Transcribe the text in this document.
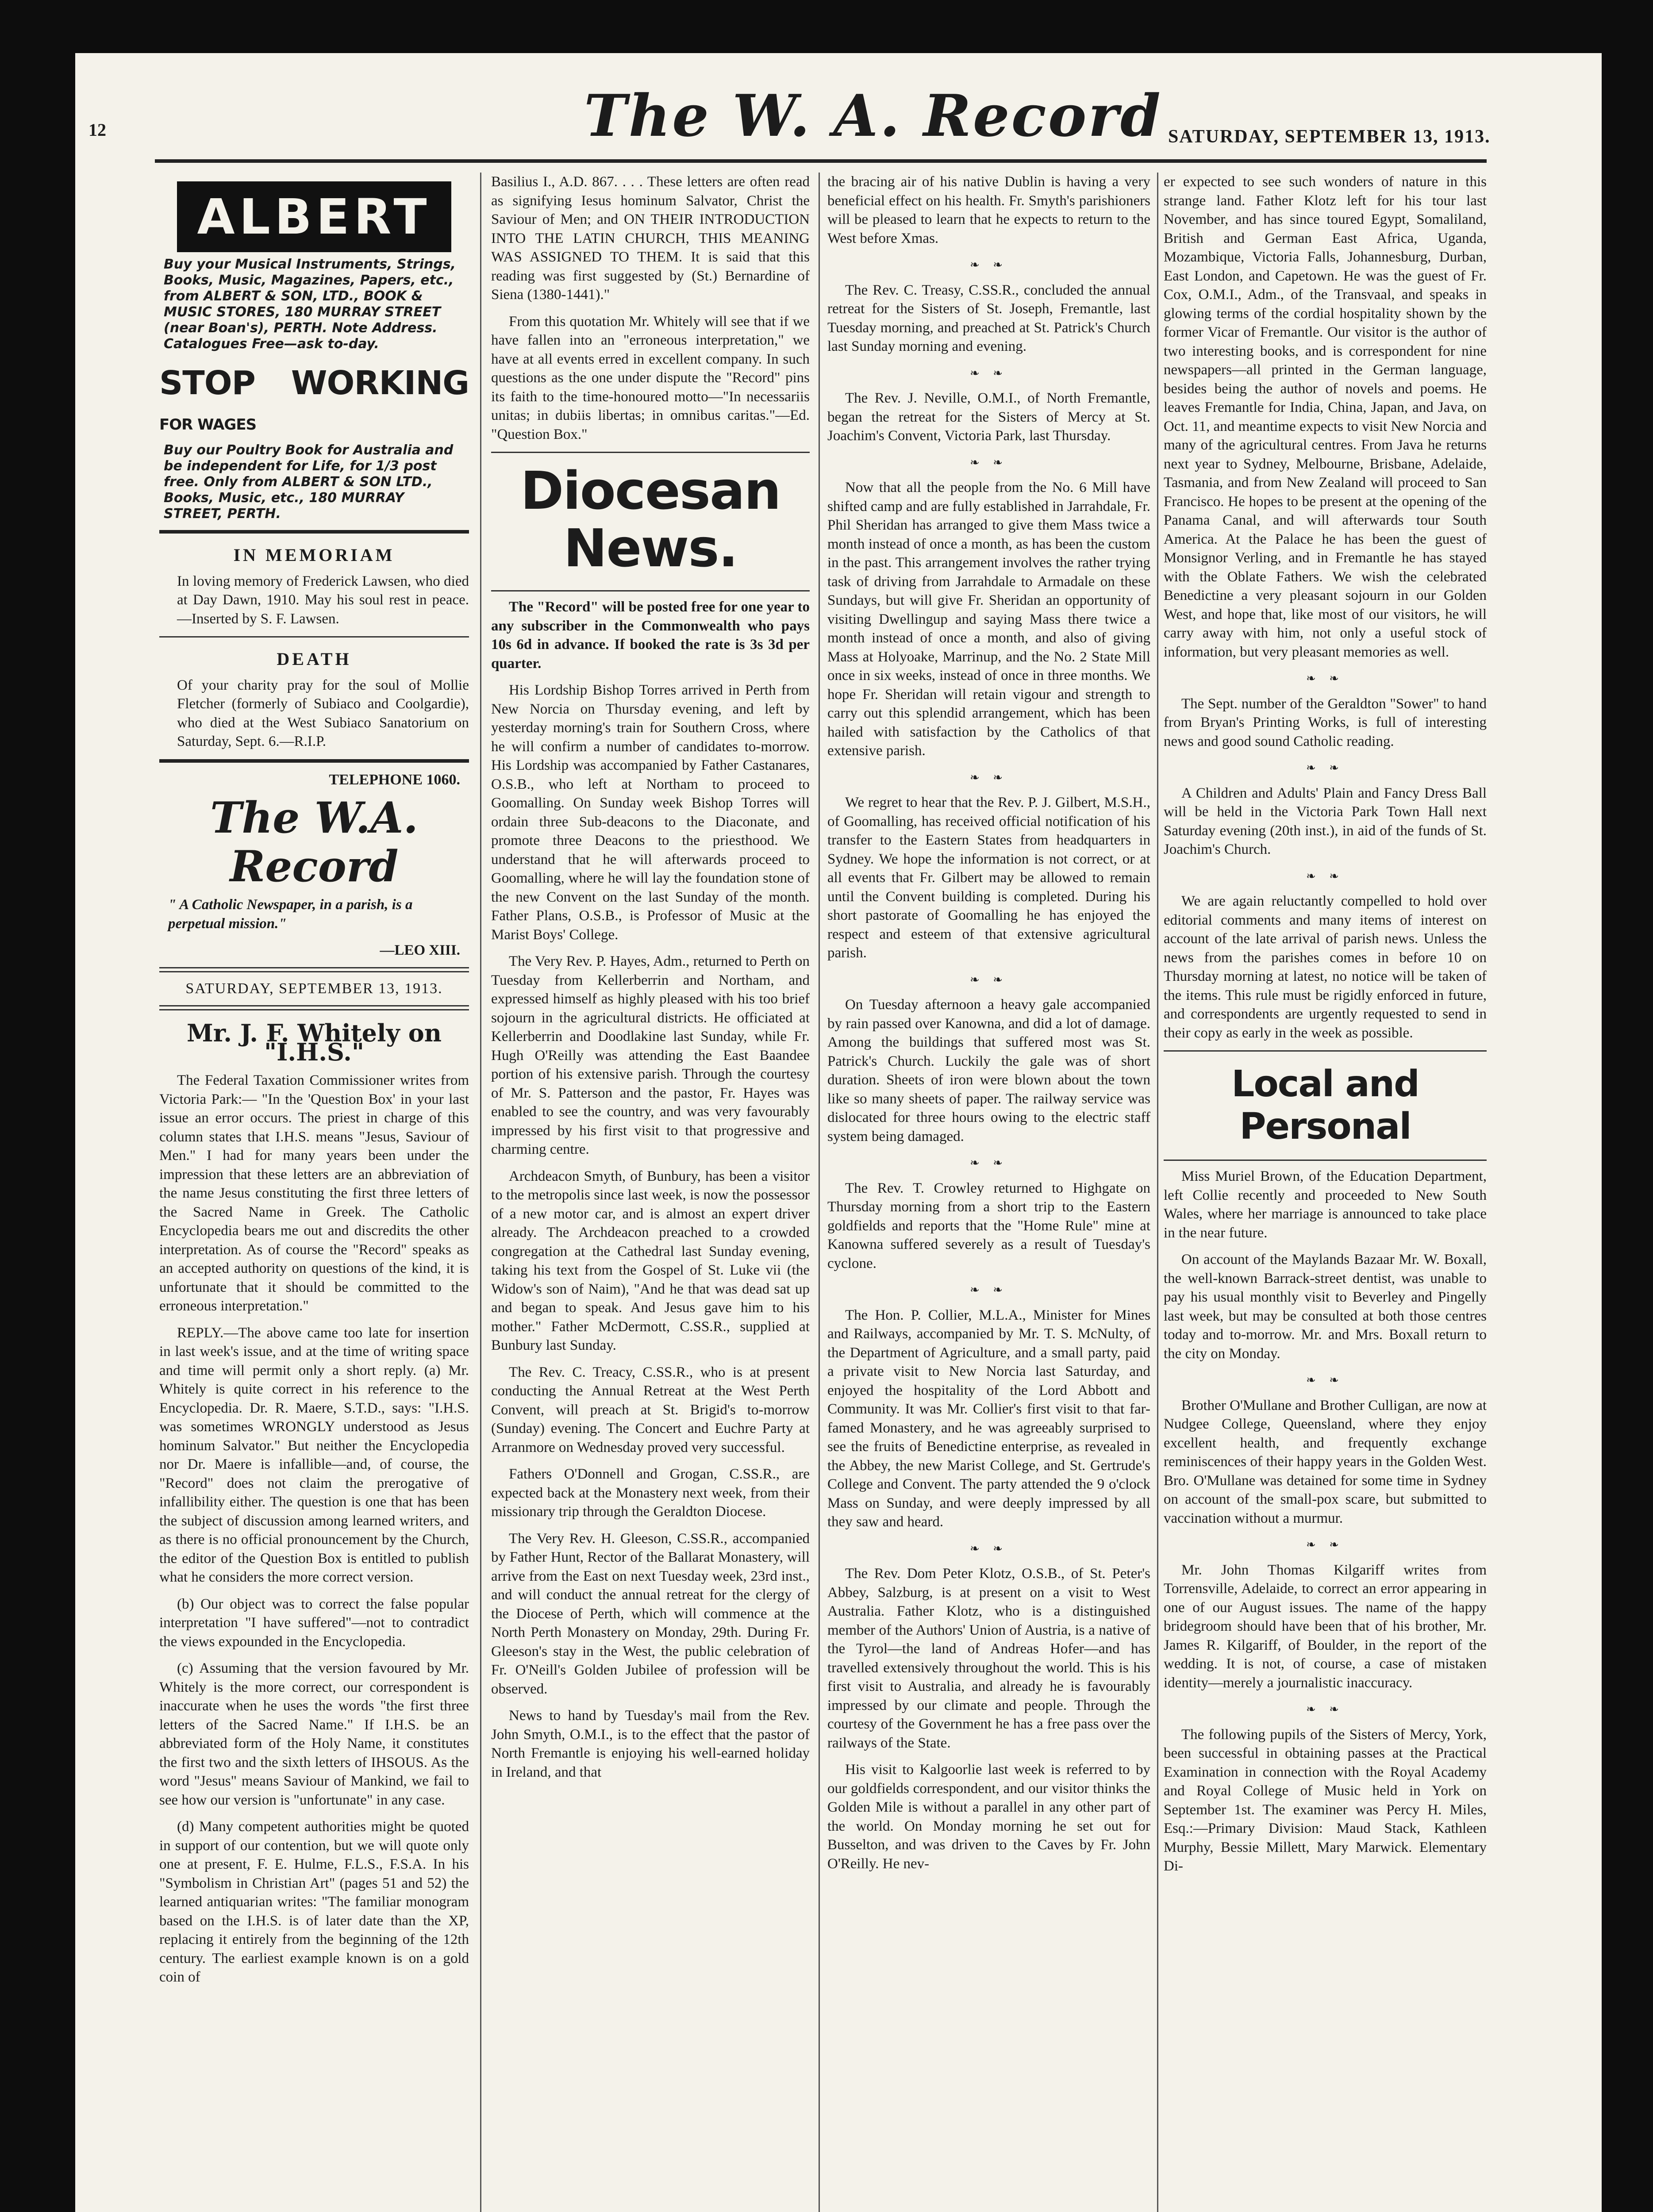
12	The W. A. Record SATURDAY, SEPTEMBER 13, 1913.
ALBERT
Buy your Musical Instruments, Strings, Books, Music, Magazines, Papers, etc., from ALBERT & SON, LTD., BOOK & MUSIC STORES, 180 MURRAY STREET (near Boan's), PERTH. Note Address. Catalogues Free—ask to-day.
STOP WORKING FOR WAGES
Buy our Poultry Book for Australia and be independent for Life, for 1/3 post free. Only from ALBERT & SON LTD., Books, Music, etc., 180 MURRAY STREET, PERTH.
IN MEMORIAM

In loving memory of Frederick Lawsen, who died at Day Dawn, 1910. May his soul rest in peace. —Inserted by S. F. Lawsen.

DEATH

Of your charity pray for the soul of Mollie Fletcher (formerly of Subiaco and Coolgardie), who died at the West Subiaco Sanatorium on Saturday, Sept. 6.—R.I.P.

TELEPHONE 1060.
The W.A. Record

" A Catholic Newspaper, in a parish, is a perpetual mission."

—LEO XIII.
SATURDAY, SEPTEMBER 13, 1913.
Mr. J. F. Whitely on "I.H.S."

The Federal Taxation Commissioner writes from Victoria Park:— "In the 'Question Box' in your last issue an error occurs. The priest in charge of this column states that I.H.S. means "Jesus, Saviour of Men." I had for many years been under the impression that these letters are an abbreviation of the name Jesus constituting the first three letters of the Sacred Name in Greek. The Catholic Encyclopedia bears me out and discredits the other interpretation. As of course the "Record" speaks as an accepted authority on questions of the kind, it is unfortunate that it should be committed to the erroneous interpretation."

REPLY.—The above came too late for insertion in last week's issue, and at the time of writing space and time will permit only a short reply. (a) Mr. Whitely is quite correct in his reference to the Encyclopedia. Dr. R. Maere, S.T.D., says: "I.H.S. was sometimes WRONGLY understood as Jesus hominum Salvator." But neither the Encyclopedia nor Dr. Maere is infallible—and, of course, the "Record" does not claim the prerogative of infallibility either. The question is one that has been the subject of discussion among learned writers, and as there is no official pronouncement by the Church, the editor of the Question Box is entitled to publish what he considers the more correct version.

(b) Our object was to correct the false popular interpretation "I have suffered"—not to contradict the views expounded in the Encyclopedia.

(c) Assuming that the version favoured by Mr. Whitely is the more correct, our correspondent is inaccurate when he uses the words "the first three letters of the Sacred Name." If I.H.S. be an abbreviated form of the Holy Name, it constitutes the first two and the sixth letters of IHSOUS. As the word "Jesus" means Saviour of Mankind, we fail to see how our version is "unfortunate" in any case.

(d) Many competent authorities might be quoted in support of our contention, but we will quote only one at present, F. E. Hulme, F.L.S., F.S.A. In his "Symbolism in Christian Art" (pages 51 and 52) the learned antiquarian writes: "The familiar monogram based on the I.H.S. is of later date than the XP, replacing it entirely from the beginning of the 12th century. The earliest example known is on a gold coin of

Basilius I., A.D. 867. . . . These letters are often read as signifying Iesus hominum Salvator, Christ the Saviour of Men; and ON THEIR INTRODUCTION INTO THE LATIN CHURCH, THIS MEANING WAS ASSIGNED TO THEM. It is said that this reading was first suggested by (St.) Bernardine of Siena (1380-1441)."

From this quotation Mr. Whitely will see that if we have fallen into an "erroneous interpretation," we have at all events erred in excellent company. In such questions as the one under dispute the "Record" pins its faith to the time-honoured motto—"In necessariis unitas; in dubiis libertas; in omnibus caritas."—Ed. "Question Box."

Diocesan News.

The "Record" will be posted free for one year to any subscriber in the Commonwealth who pays 10s 6d in advance. If booked the rate is 3s 3d per quarter.

His Lordship Bishop Torres arrived in Perth from New Norcia on Thursday evening, and left by yesterday morning's train for Southern Cross, where he will confirm a number of candidates to-morrow. His Lordship was accompanied by Father Castanares, O.S.B., who left at Northam to proceed to Goomalling. On Sunday week Bishop Torres will ordain three Sub-deacons to the Diaconate, and promote three Deacons to the priesthood. We understand that he will afterwards proceed to Goomalling, where he will lay the foundation stone of the new Convent on the last Sunday of the month. Father Plans, O.S.B., is Professor of Music at the Marist Boys' College.

The Very Rev. P. Hayes, Adm., returned to Perth on Tuesday from Kellerberrin and Northam, and expressed himself as highly pleased with his too brief sojourn in the agricultural districts. He officiated at Kellerberrin and Doodlakine last Sunday, while Fr. Hugh O'Reilly was attending the East Baandee portion of his extensive parish. Through the courtesy of Mr. S. Patterson and the pastor, Fr. Hayes was enabled to see the country, and was very favourably impressed by his first visit to that progressive and charming centre.

Archdeacon Smyth, of Bunbury, has been a visitor to the metropolis since last week, is now the possessor of a new motor car, and is almost an expert driver already. The Archdeacon preached to a crowded congregation at the Cathedral last Sunday evening, taking his text from the Gospel of St. Luke vii (the Widow's son of Naim), "And he that was dead sat up and began to speak. And Jesus gave him to his mother." Father McDermott, C.SS.R., supplied at Bunbury last Sunday.

The Rev. C. Treacy, C.SS.R., who is at present conducting the Annual Retreat at the West Perth Convent, will preach at St. Brigid's to-morrow (Sunday) evening. The Concert and Euchre Party at Arranmore on Wednesday proved very successful.

Fathers O'Donnell and Grogan, C.SS.R., are expected back at the Monastery next week, from their missionary trip through the Geraldton Diocese.

The Very Rev. H. Gleeson, C.SS.R., accompanied by Father Hunt, Rector of the Ballarat Monastery, will arrive from the East on next Tuesday week, 23rd inst., and will conduct the annual retreat for the clergy of the Diocese of Perth, which will commence at the North Perth Monastery on Monday, 29th. During Fr. Gleeson's stay in the West, the public celebration of Fr. O'Neill's Golden Jubilee of profession will be observed.

News to hand by Tuesday's mail from the Rev. John Smyth, O.M.I., is to the effect that the pastor of North Fremantle is enjoying his well-earned holiday in Ireland, and that

the bracing air of his native Dublin is having a very beneficial effect on his health. Fr. Smyth's parishioners will be pleased to learn that he expects to return to the West before Xmas.

❧ ❧

The Rev. C. Treasy, C.SS.R., concluded the annual retreat for the Sisters of St. Joseph, Fremantle, last Tuesday morning, and preached at St. Patrick's Church last Sunday morning and evening.

❧ ❧

The Rev. J. Neville, O.M.I., of North Fremantle, began the retreat for the Sisters of Mercy at St. Joachim's Convent, Victoria Park, last Thursday.

❧ ❧

Now that all the people from the No. 6 Mill have shifted camp and are fully established in Jarrahdale, Fr. Phil Sheridan has arranged to give them Mass twice a month instead of once a month, as has been the custom in the past. This arrangement involves the rather trying task of driving from Jarrahdale to Armadale on these Sundays, but will give Fr. Sheridan an opportunity of visiting Dwellingup and saying Mass there twice a month instead of once a month, and also of giving Mass at Holyoake, Marrinup, and the No. 2 State Mill once in six weeks, instead of once in three months. We hope Fr. Sheridan will retain vigour and strength to carry out this splendid arrangement, which has been hailed with satisfaction by the Catholics of that extensive parish.

❧ ❧

We regret to hear that the Rev. P. J. Gilbert, M.S.H., of Goomalling, has received official notification of his transfer to the Eastern States from headquarters in Sydney. We hope the information is not correct, or at all events that Fr. Gilbert may be allowed to remain until the Convent building is completed. During his short pastorate of Goomalling he has enjoyed the respect and esteem of that extensive agricultural parish.

❧ ❧

On Tuesday afternoon a heavy gale accompanied by rain passed over Kanowna, and did a lot of damage. Among the buildings that suffered most was St. Patrick's Church. Luckily the gale was of short duration. Sheets of iron were blown about the town like so many sheets of paper. The railway service was dislocated for three hours owing to the electric staff system being damaged.

❧ ❧

The Rev. T. Crowley returned to Highgate on Thursday morning from a short trip to the Eastern goldfields and reports that the "Home Rule" mine at Kanowna suffered severely as a result of Tuesday's cyclone.

❧ ❧

The Hon. P. Collier, M.L.A., Minister for Mines and Railways, accompanied by Mr. T. S. McNulty, of the Department of Agriculture, and a small party, paid a private visit to New Norcia last Saturday, and enjoyed the hospitality of the Lord Abbott and Community. It was Mr. Collier's first visit to that far-famed Monastery, and he was agreeably surprised to see the fruits of Benedictine enterprise, as revealed in the Abbey, the new Marist College, and St. Gertrude's College and Convent. The party attended the 9 o'clock Mass on Sunday, and were deeply impressed by all they saw and heard.

❧ ❧

The Rev. Dom Peter Klotz, O.S.B., of St. Peter's Abbey, Salzburg, is at present on a visit to West Australia. Father Klotz, who is a distinguished member of the Authors' Union of Austria, is a native of the Tyrol—the land of Andreas Hofer—and has travelled extensively throughout the world. This is his first visit to Australia, and already he is favourably impressed by our climate and people. Through the courtesy of the Government he has a free pass over the railways of the State.

His visit to Kalgoorlie last week is referred to by our goldfields correspondent, and our visitor thinks the Golden Mile is without a parallel in any other part of the world. On Monday morning he set out for Busselton, and was driven to the Caves by Fr. John O'Reilly. He nev-

er expected to see such wonders of nature in this strange land. Father Klotz left for his tour last November, and has since toured Egypt, Somaliland, British and German East Africa, Uganda, Mozambique, Victoria Falls, Johannesburg, Durban, East London, and Capetown. He was the guest of Fr. Cox, O.M.I., Adm., of the Transvaal, and speaks in glowing terms of the cordial hospitality shown by the former Vicar of Fremantle. Our visitor is the author of two interesting books, and is correspondent for nine newspapers—all printed in the German language, besides being the author of novels and poems. He leaves Fremantle for India, China, Japan, and Java, on Oct. 11, and meantime expects to visit New Norcia and many of the agricultural centres. From Java he returns next year to Sydney, Melbourne, Brisbane, Adelaide, Tasmania, and from New Zealand will proceed to San Francisco. He hopes to be present at the opening of the Panama Canal, and will afterwards tour South America. At the Palace he has been the guest of Monsignor Verling, and in Fremantle he has stayed with the Oblate Fathers. We wish the celebrated Benedictine a very pleasant sojourn in our Golden West, and hope that, like most of our visitors, he will carry away with him, not only a useful stock of information, but very pleasant memories as well.

❧ ❧

The Sept. number of the Geraldton "Sower" to hand from Bryan's Printing Works, is full of interesting news and good sound Catholic reading.

❧ ❧

A Children and Adults' Plain and Fancy Dress Ball will be held in the Victoria Park Town Hall next Saturday evening (20th inst.), in aid of the funds of St. Joachim's Church.

❧ ❧

We are again reluctantly compelled to hold over editorial comments and many items of interest on account of the late arrival of parish news. Unless the news from the parishes comes in before 10 on Thursday morning at latest, no notice will be taken of the items. This rule must be rigidly enforced in future, and correspondents are urgently requested to send in their copy as early in the week as possible.

Local and Personal

Miss Muriel Brown, of the Education Department, left Collie recently and proceeded to New South Wales, where her marriage is announced to take place in the near future.

On account of the Maylands Bazaar Mr. W. Boxall, the well-known Barrack-street dentist, was unable to pay his usual monthly visit to Beverley and Pingelly last week, but may be consulted at both those centres today and to-morrow. Mr. and Mrs. Boxall return to the city on Monday.

❧ ❧

Brother O'Mullane and Brother Culligan, are now at Nudgee College, Queensland, where they enjoy excellent health, and frequently exchange reminiscences of their happy years in the Golden West. Bro. O'Mullane was detained for some time in Sydney on account of the small-pox scare, but submitted to vaccination without a murmur.

❧ ❧

Mr. John Thomas Kilgariff writes from Torrensville, Adelaide, to correct an error appearing in one of our August issues. The name of the happy bridegroom should have been that of his brother, Mr. James R. Kilgariff, of Boulder, in the report of the wedding. It is not, of course, a case of mistaken identity—merely a journalistic inaccuracy.

❧ ❧

The following pupils of the Sisters of Mercy, York, been successful in obtaining passes at the Practical Examination in connection with the Royal Academy and Royal College of Music held in York on September 1st. The examiner was Percy H. Miles, Esq.:—Primary Division: Maud Stack, Kathleen Murphy, Bessie Millett, Mary Marwick. Elementary Di-
